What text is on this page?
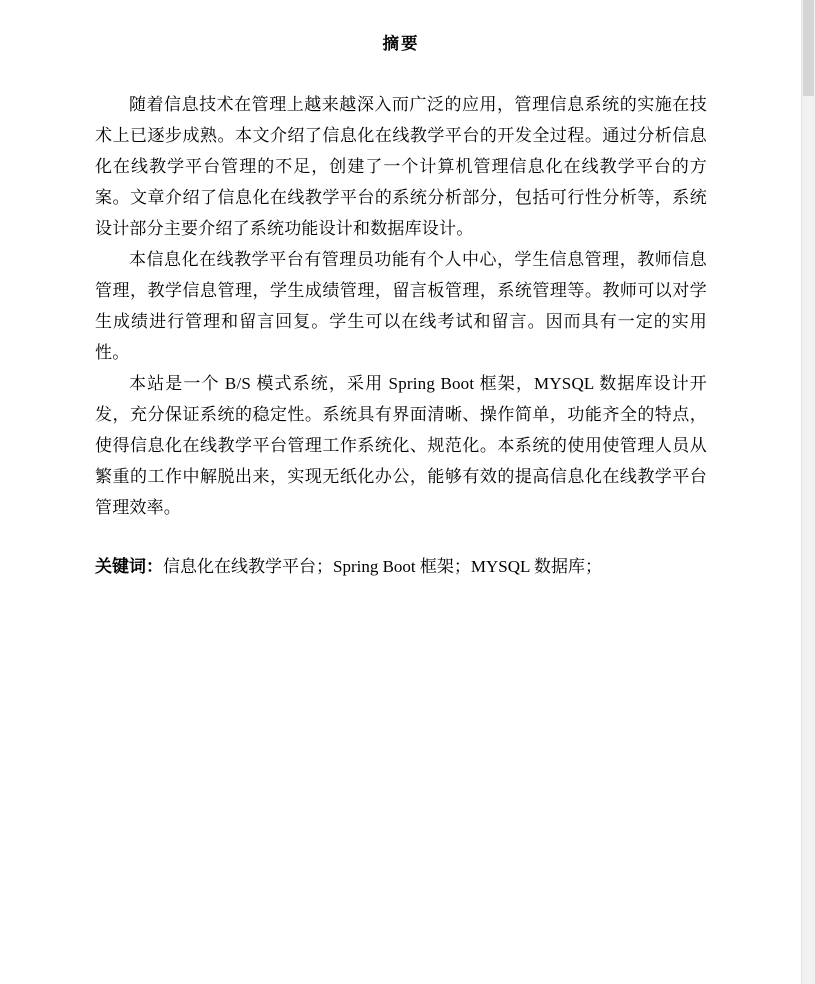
摘要

随着信息技术在管理上越来越深入而广泛的应用，管理信息系统的实施在技术上已逐步成熟。本文介绍了信息化在线教学平台的开发全过程。通过分析信息化在线教学平台管理的不足，创建了一个计算机管理信息化在线教学平台的方案。文章介绍了信息化在线教学平台的系统分析部分，包括可行性分析等，系统设计部分主要介绍了系统功能设计和数据库设计。

本信息化在线教学平台有管理员功能有个人中心，学生信息管理，教师信息管理，教学信息管理，学生成绩管理，留言板管理，系统管理等。教师可以对学生成绩进行管理和留言回复。学生可以在线考试和留言。因而具有一定的实用性。

本站是一个 B/S 模式系统，采用 Spring Boot 框架，MYSQL 数据库设计开发，充分保证系统的稳定性。系统具有界面清晰、操作简单，功能齐全的特点，使得信息化在线教学平台管理工作系统化、规范化。本系统的使用使管理人员从繁重的工作中解脱出来，实现无纸化办公，能够有效的提高信息化在线教学平台管理效率。

关键词：信息化在线教学平台；Spring Boot 框架；MYSQL 数据库；
